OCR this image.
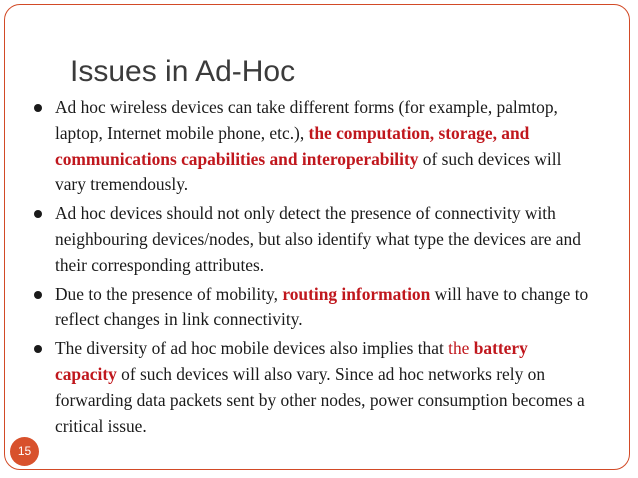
Issues in Ad-Hoc
Ad hoc wireless devices can take different forms (for example, palmtop, laptop, Internet mobile phone, etc.), the computation, storage, and communications capabilities and interoperability of such devices will vary tremendously.
Ad hoc devices should not only detect the presence of connectivity with neighbouring devices/nodes, but also identify what type the devices are and their corresponding attributes.
Due to the presence of mobility, routing information will have to change to reflect changes in link connectivity.
The diversity of ad hoc mobile devices also implies that the battery capacity of such devices will also vary. Since ad hoc networks rely on forwarding data packets sent by other nodes, power consumption becomes a critical issue.
15
